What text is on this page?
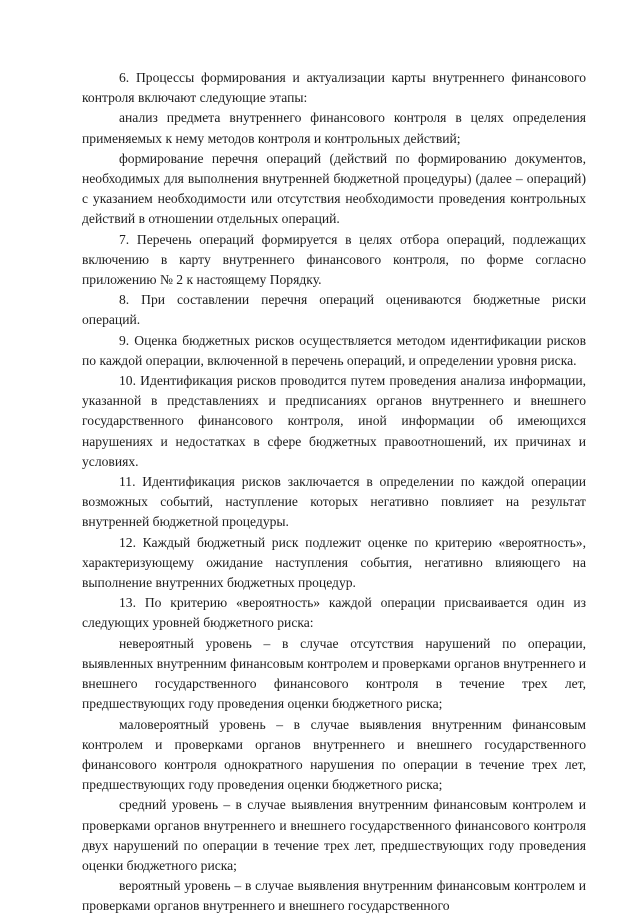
6. Процессы формирования и актуализации карты внутреннего финансового контроля включают следующие этапы:

анализ предмета внутреннего финансового контроля в целях определения применяемых к нему методов контроля и контрольных действий;

формирование перечня операций (действий по формированию документов, необходимых для выполнения внутренней бюджетной процедуры) (далее – операций) с указанием необходимости или отсутствия необходимости проведения контрольных действий в отношении отдельных операций.

7. Перечень операций формируется в целях отбора операций, подлежащих включению в карту внутреннего финансового контроля, по форме согласно приложению № 2 к настоящему Порядку.

8. При составлении перечня операций оцениваются бюджетные риски операций.

9. Оценка бюджетных рисков осуществляется методом идентификации рисков по каждой операции, включенной в перечень операций, и определении уровня риска.

10. Идентификация рисков проводится путем проведения анализа информации, указанной в представлениях и предписаниях органов внутреннего и внешнего государственного финансового контроля, иной информации об имеющихся нарушениях и недостатках в сфере бюджетных правоотношений, их причинах и условиях.

11. Идентификация рисков заключается в определении по каждой операции возможных событий, наступление которых негативно повлияет на результат внутренней бюджетной процедуры.

12. Каждый бюджетный риск подлежит оценке по критерию «вероятность», характеризующему ожидание наступления события, негативно влияющего на выполнение внутренних бюджетных процедур.

13. По критерию «вероятность» каждой операции присваивается один из следующих уровней бюджетного риска:

невероятный уровень – в случае отсутствия нарушений по операции, выявленных внутренним финансовым контролем и проверками органов внутреннего и внешнего государственного финансового контроля в течение трех лет, предшествующих году проведения оценки бюджетного риска;

маловероятный уровень – в случае выявления внутренним финансовым контролем и проверками органов внутреннего и внешнего государственного финансового контроля однократного нарушения по операции в течение трех лет, предшествующих году проведения оценки бюджетного риска;

средний уровень – в случае выявления внутренним финансовым контролем и проверками органов внутреннего и внешнего государственного финансового контроля двух нарушений по операции в течение трех лет, предшествующих году проведения оценки бюджетного риска;

вероятный уровень – в случае выявления внутренним финансовым контролем и проверками органов внутреннего и внешнего государственного
